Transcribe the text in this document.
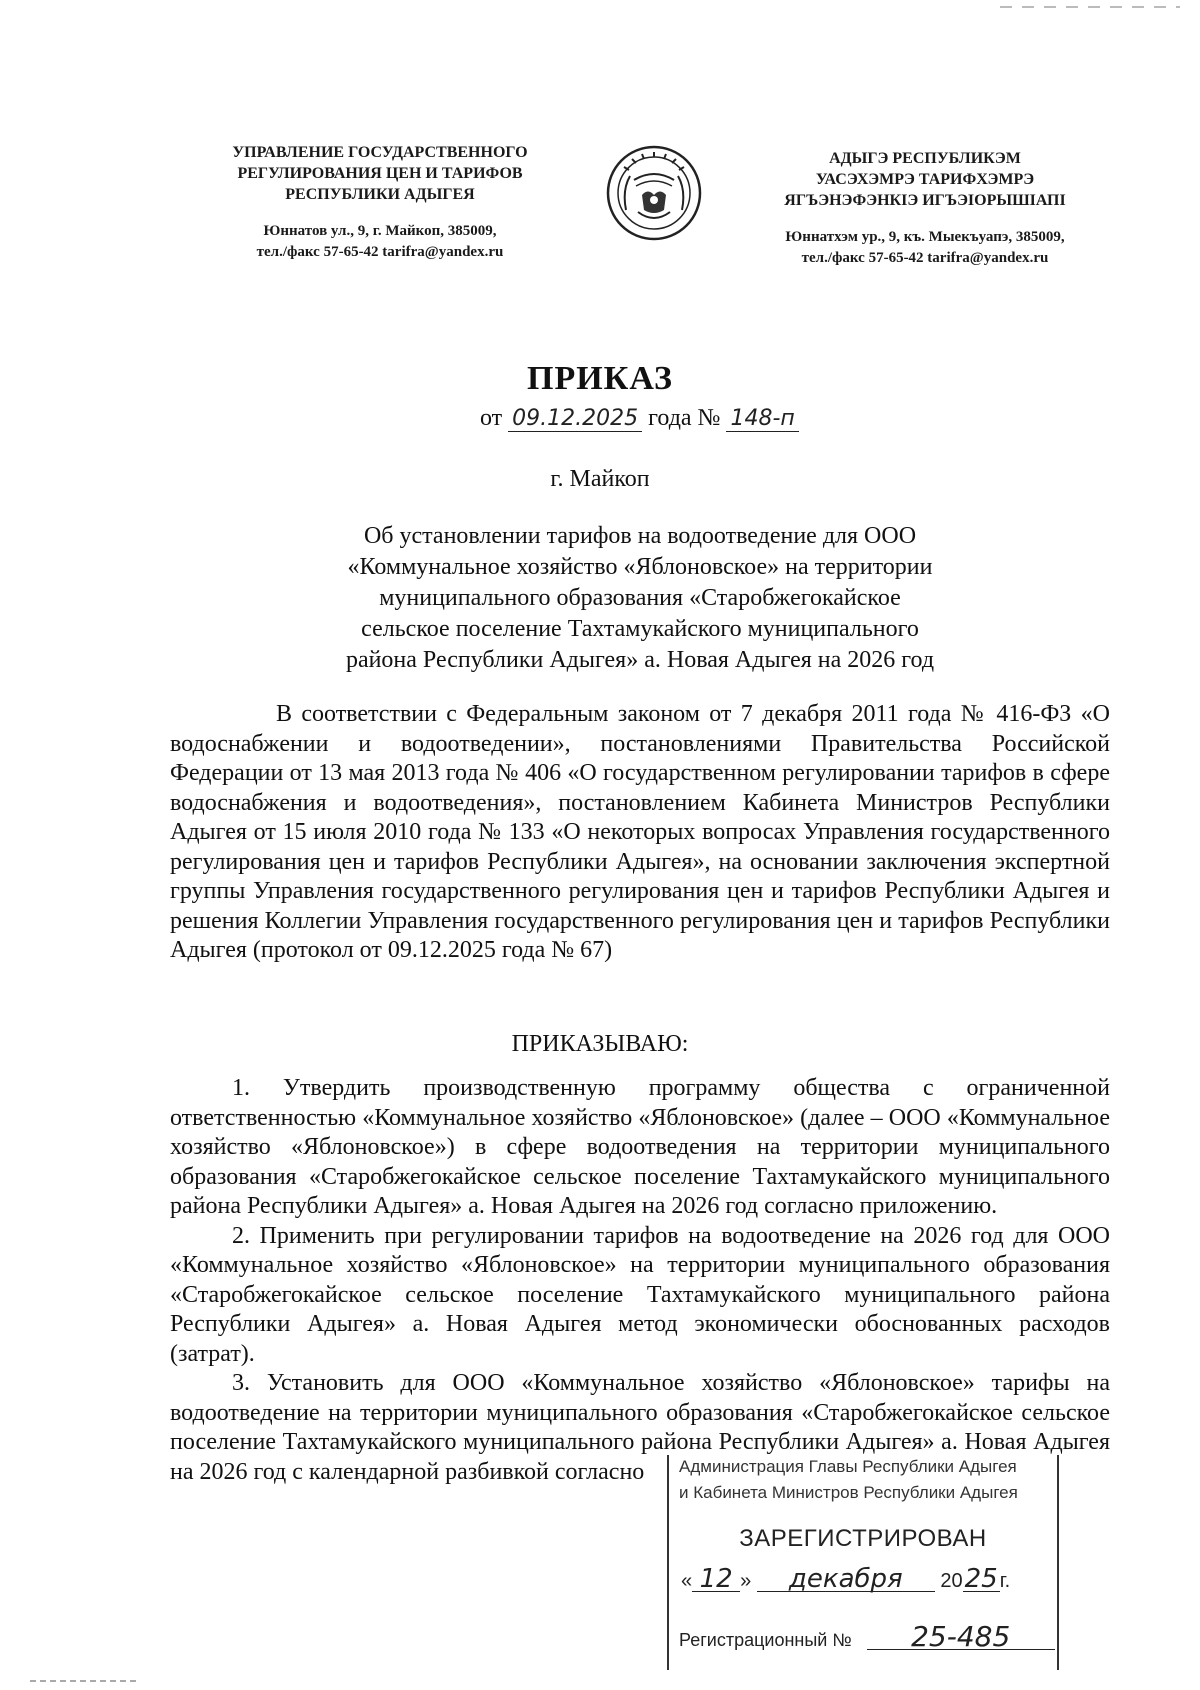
УПРАВЛЕНИЕ ГОСУДАРСТВЕННОГО
РЕГУЛИРОВАНИЯ ЦЕН И ТАРИФОВ
РЕСПУБЛИКИ АДЫГЕЯ
Юннатов ул., 9, г. Майкоп, 385009,
тел./факс 57-65-42 tarifra@yandex.ru
АДЫГЭ РЕСПУБЛИКЭМ
УАСЭХЭМРЭ ТАРИФХЭМРЭ
ЯГЪЭНЭФЭНКIЭ ИГЪЭIОРЫШIАПI
Юннатхэм ур., 9, къ. Мыекъуапэ, 385009,
тел./факс 57-65-42 tarifra@yandex.ru
ПРИКАЗ
от 09.12.2025 года № 148-п
г. Майкоп
Об установлении тарифов на водоотведение для ООО
«Коммунальное хозяйство «Яблоновское» на территории
муниципального образования «Старобжегокайское
сельское поселение Тахтамукайского муниципального
района Республики Адыгея» а. Новая Адыгея на 2026 год

В соответствии с Федеральным законом от 7 декабря 2011 года № 416-ФЗ «О водоснабжении и водоотведении», постановлениями Правительства Российской Федерации от 13 мая 2013 года № 406 «О государственном регулировании тарифов в сфере водоснабжения и водоотведения», постановлением Кабинета Министров Республики Адыгея от 15 июля 2010 года № 133 «О некоторых вопросах Управления государственного регулирования цен и тарифов Республики Адыгея», на основании заключения экспертной группы Управления государственного регулирования цен и тарифов Республики Адыгея и решения Коллегии Управления государственного регулирования цен и тарифов Республики Адыгея (протокол от 09.12.2025 года № 67)

ПРИКАЗЫВАЮ:

1. Утвердить производственную программу общества с ограниченной ответственностью «Коммунальное хозяйство «Яблоновское» (далее – ООО «Коммунальное хозяйство «Яблоновское») в сфере водоотведения на территории муниципального образования «Старобжегокайское сельское поселение Тахтамукайского муниципального района Республики Адыгея» а. Новая Адыгея на 2026 год согласно приложению.

2. Применить при регулировании тарифов на водоотведение на 2026 год для ООО «Коммунальное хозяйство «Яблоновское» на территории муниципального образования «Старобжегокайское сельское поселение Тахтамукайского муниципального района Республики Адыгея» а. Новая Адыгея метод экономически обоснованных расходов (затрат).

3. Установить для ООО «Коммунальное хозяйство «Яблоновское» тарифы на водоотведение на территории муниципального образования «Старобжегокайское сельское поселение Тахтамукайского муниципального района Республики Адыгея» а. Новая Адыгея на 2026 год с календарной разбивкой согласно	Администрация Главы Республики Адыгея
и Кабинета Министров Республики Адыгея
ЗАРЕГИСТРИРОВАН
« 12 » декабря 2025 г.
Регистрационный № 25-485
